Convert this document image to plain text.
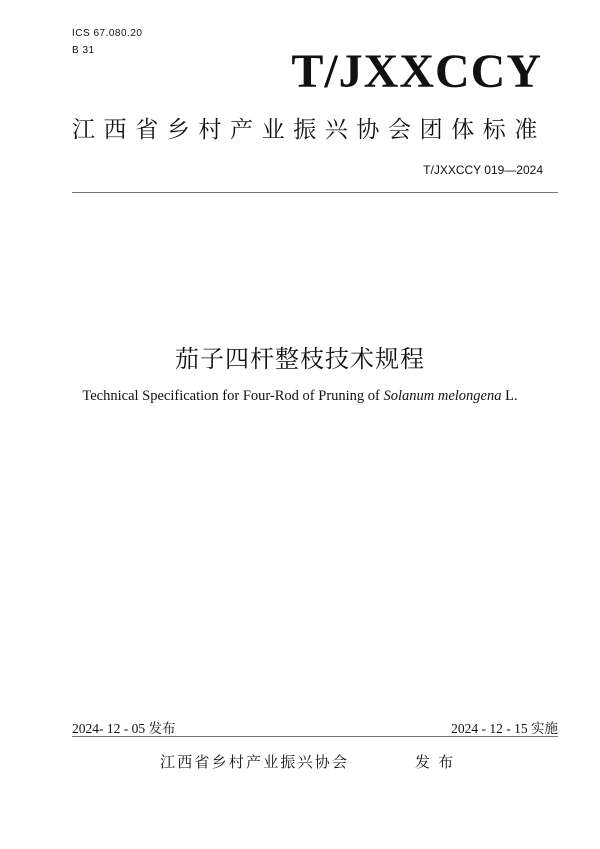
ICS 67.080.20
B 31	T/JXXCCY
江西省乡村产业振兴协会团体标准
T/JXXCCY 019—2024
茄子四杆整枝技术规程
Technical Specification for Four-Rod of Pruning of Solanum melongena L.
2024- 12 - 05 发布	2024 - 12 - 15 实施
江西省乡村产业振兴协会	发 布
